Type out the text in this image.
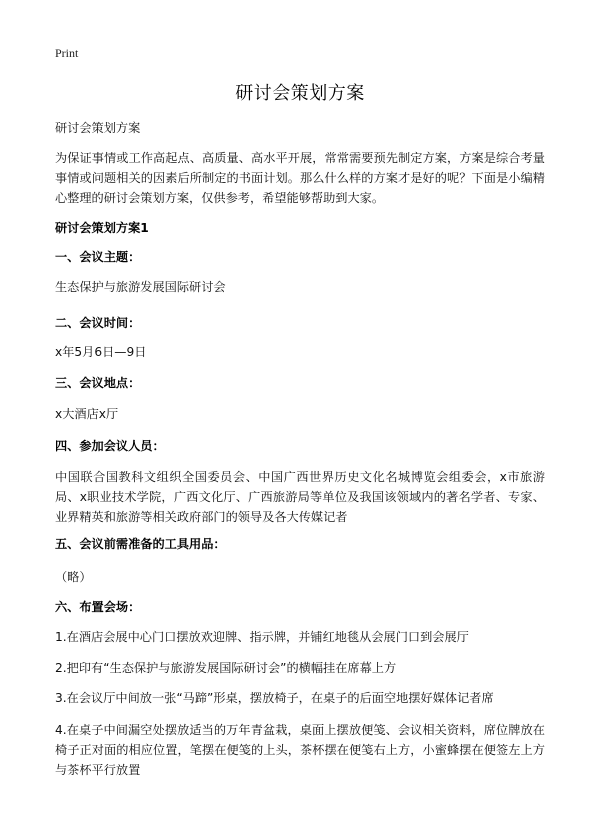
Print
研讨会策划方案
研讨会策划方案
为保证事情或工作高起点、高质量、高水平开展，常常需要预先制定方案，方案是综合考量事情或问题相关的因素后所制定的书面计划。那么什么样的方案才是好的呢？下面是小编精心整理的研讨会策划方案，仅供参考，希望能够帮助到大家。
研讨会策划方案1
一、会议主题：
生态保护与旅游发展国际研讨会
二、会议时间：
x年5月6日—9日
三、会议地点：
x大酒店x厅
四、参加会议人员：
中国联合国教科文组织全国委员会、中国广西世界历史文化名城博览会组委会，x市旅游局、x职业技术学院，广西文化厅、广西旅游局等单位及我国该领域内的著名学者、专家、业界精英和旅游等相关政府部门的领导及各大传媒记者
五、会议前需准备的工具用品：
（略）
六、布置会场：
1.在酒店会展中心门口摆放欢迎牌、指示牌，并铺红地毯从会展门口到会展厅
2.把印有“生态保护与旅游发展国际研讨会”的横幅挂在席幕上方
3.在会议厅中间放一张“马蹄”形桌，摆放椅子，在桌子的后面空地摆好媒体记者席
4.在桌子中间漏空处摆放适当的万年青盆栽，桌面上摆放便笺、会议相关资料，席位牌放在椅子正对面的相应位置，笔摆在便笺的上头，茶杯摆在便笺右上方，小蜜蜂摆在便签左上方与茶杯平行放置
